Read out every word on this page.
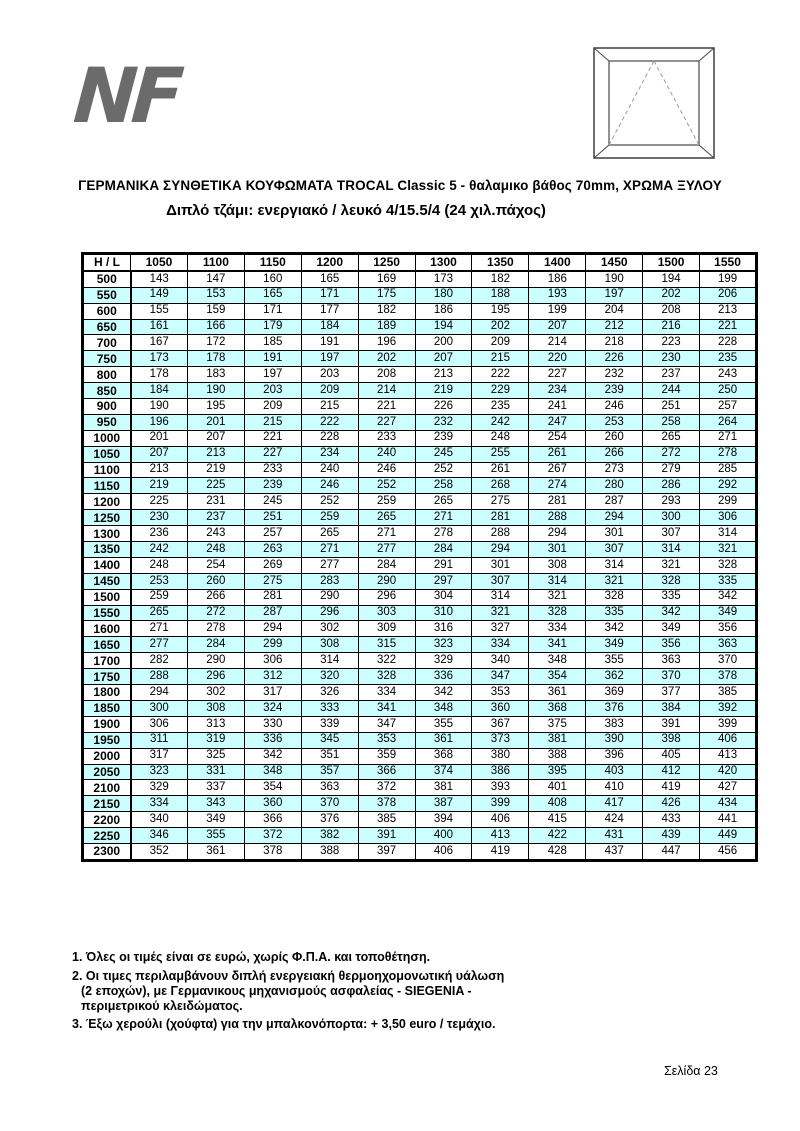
NF
ΓΕΡΜΑΝΙΚΑ ΣΥΝΘΕΤΙΚΑ ΚΟΥΦΩΜΑΤΑ TROCAL Classic 5 - θαλαμικο βάθος 70mm, ΧΡΩΜΑ ΞΥΛΟΥ
Διπλό τζάμι: ενεργιακό / λευκό 4/15.5/4 (24 χιλ.πάχος)
H / L	1050	1100	1150	1200	1250	1300	1350	1400	1450	1500	1550
500	143	147	160	165	169	173	182	186	190	194	199
550	149	153	165	171	175	180	188	193	197	202	206
600	155	159	171	177	182	186	195	199	204	208	213
650	161	166	179	184	189	194	202	207	212	216	221
700	167	172	185	191	196	200	209	214	218	223	228
750	173	178	191	197	202	207	215	220	226	230	235
800	178	183	197	203	208	213	222	227	232	237	243
850	184	190	203	209	214	219	229	234	239	244	250
900	190	195	209	215	221	226	235	241	246	251	257
950	196	201	215	222	227	232	242	247	253	258	264
1000	201	207	221	228	233	239	248	254	260	265	271
1050	207	213	227	234	240	245	255	261	266	272	278
1100	213	219	233	240	246	252	261	267	273	279	285
1150	219	225	239	246	252	258	268	274	280	286	292
1200	225	231	245	252	259	265	275	281	287	293	299
1250	230	237	251	259	265	271	281	288	294	300	306
1300	236	243	257	265	271	278	288	294	301	307	314
1350	242	248	263	271	277	284	294	301	307	314	321
1400	248	254	269	277	284	291	301	308	314	321	328
1450	253	260	275	283	290	297	307	314	321	328	335
1500	259	266	281	290	296	304	314	321	328	335	342
1550	265	272	287	296	303	310	321	328	335	342	349
1600	271	278	294	302	309	316	327	334	342	349	356
1650	277	284	299	308	315	323	334	341	349	356	363
1700	282	290	306	314	322	329	340	348	355	363	370
1750	288	296	312	320	328	336	347	354	362	370	378
1800	294	302	317	326	334	342	353	361	369	377	385
1850	300	308	324	333	341	348	360	368	376	384	392
1900	306	313	330	339	347	355	367	375	383	391	399
1950	311	319	336	345	353	361	373	381	390	398	406
2000	317	325	342	351	359	368	380	388	396	405	413
2050	323	331	348	357	366	374	386	395	403	412	420
2100	329	337	354	363	372	381	393	401	410	419	427
2150	334	343	360	370	378	387	399	408	417	426	434
2200	340	349	366	376	385	394	406	415	424	433	441
2250	346	355	372	382	391	400	413	422	431	439	449
2300	352	361	378	388	397	406	419	428	437	447	456
1. Όλες οι τιμές είναι σε ευρώ, χωρίς Φ.Π.Α. και τοποθέτηση.
2. Οι τιμες περιλαμβάνουν διπλή ενεργειακή θερμοηχομονωτική υάλωση
(2 εποχών), με Γερμανικους μηχανισμούς ασφαλείας - SIEGENIA -
περιμετρικού κλειδώματος.
3. Έξω χερούλι (χούφτα) για την μπαλκονόπορτα: + 3,50 euro / τεμάχιο.
Σελίδα 23
